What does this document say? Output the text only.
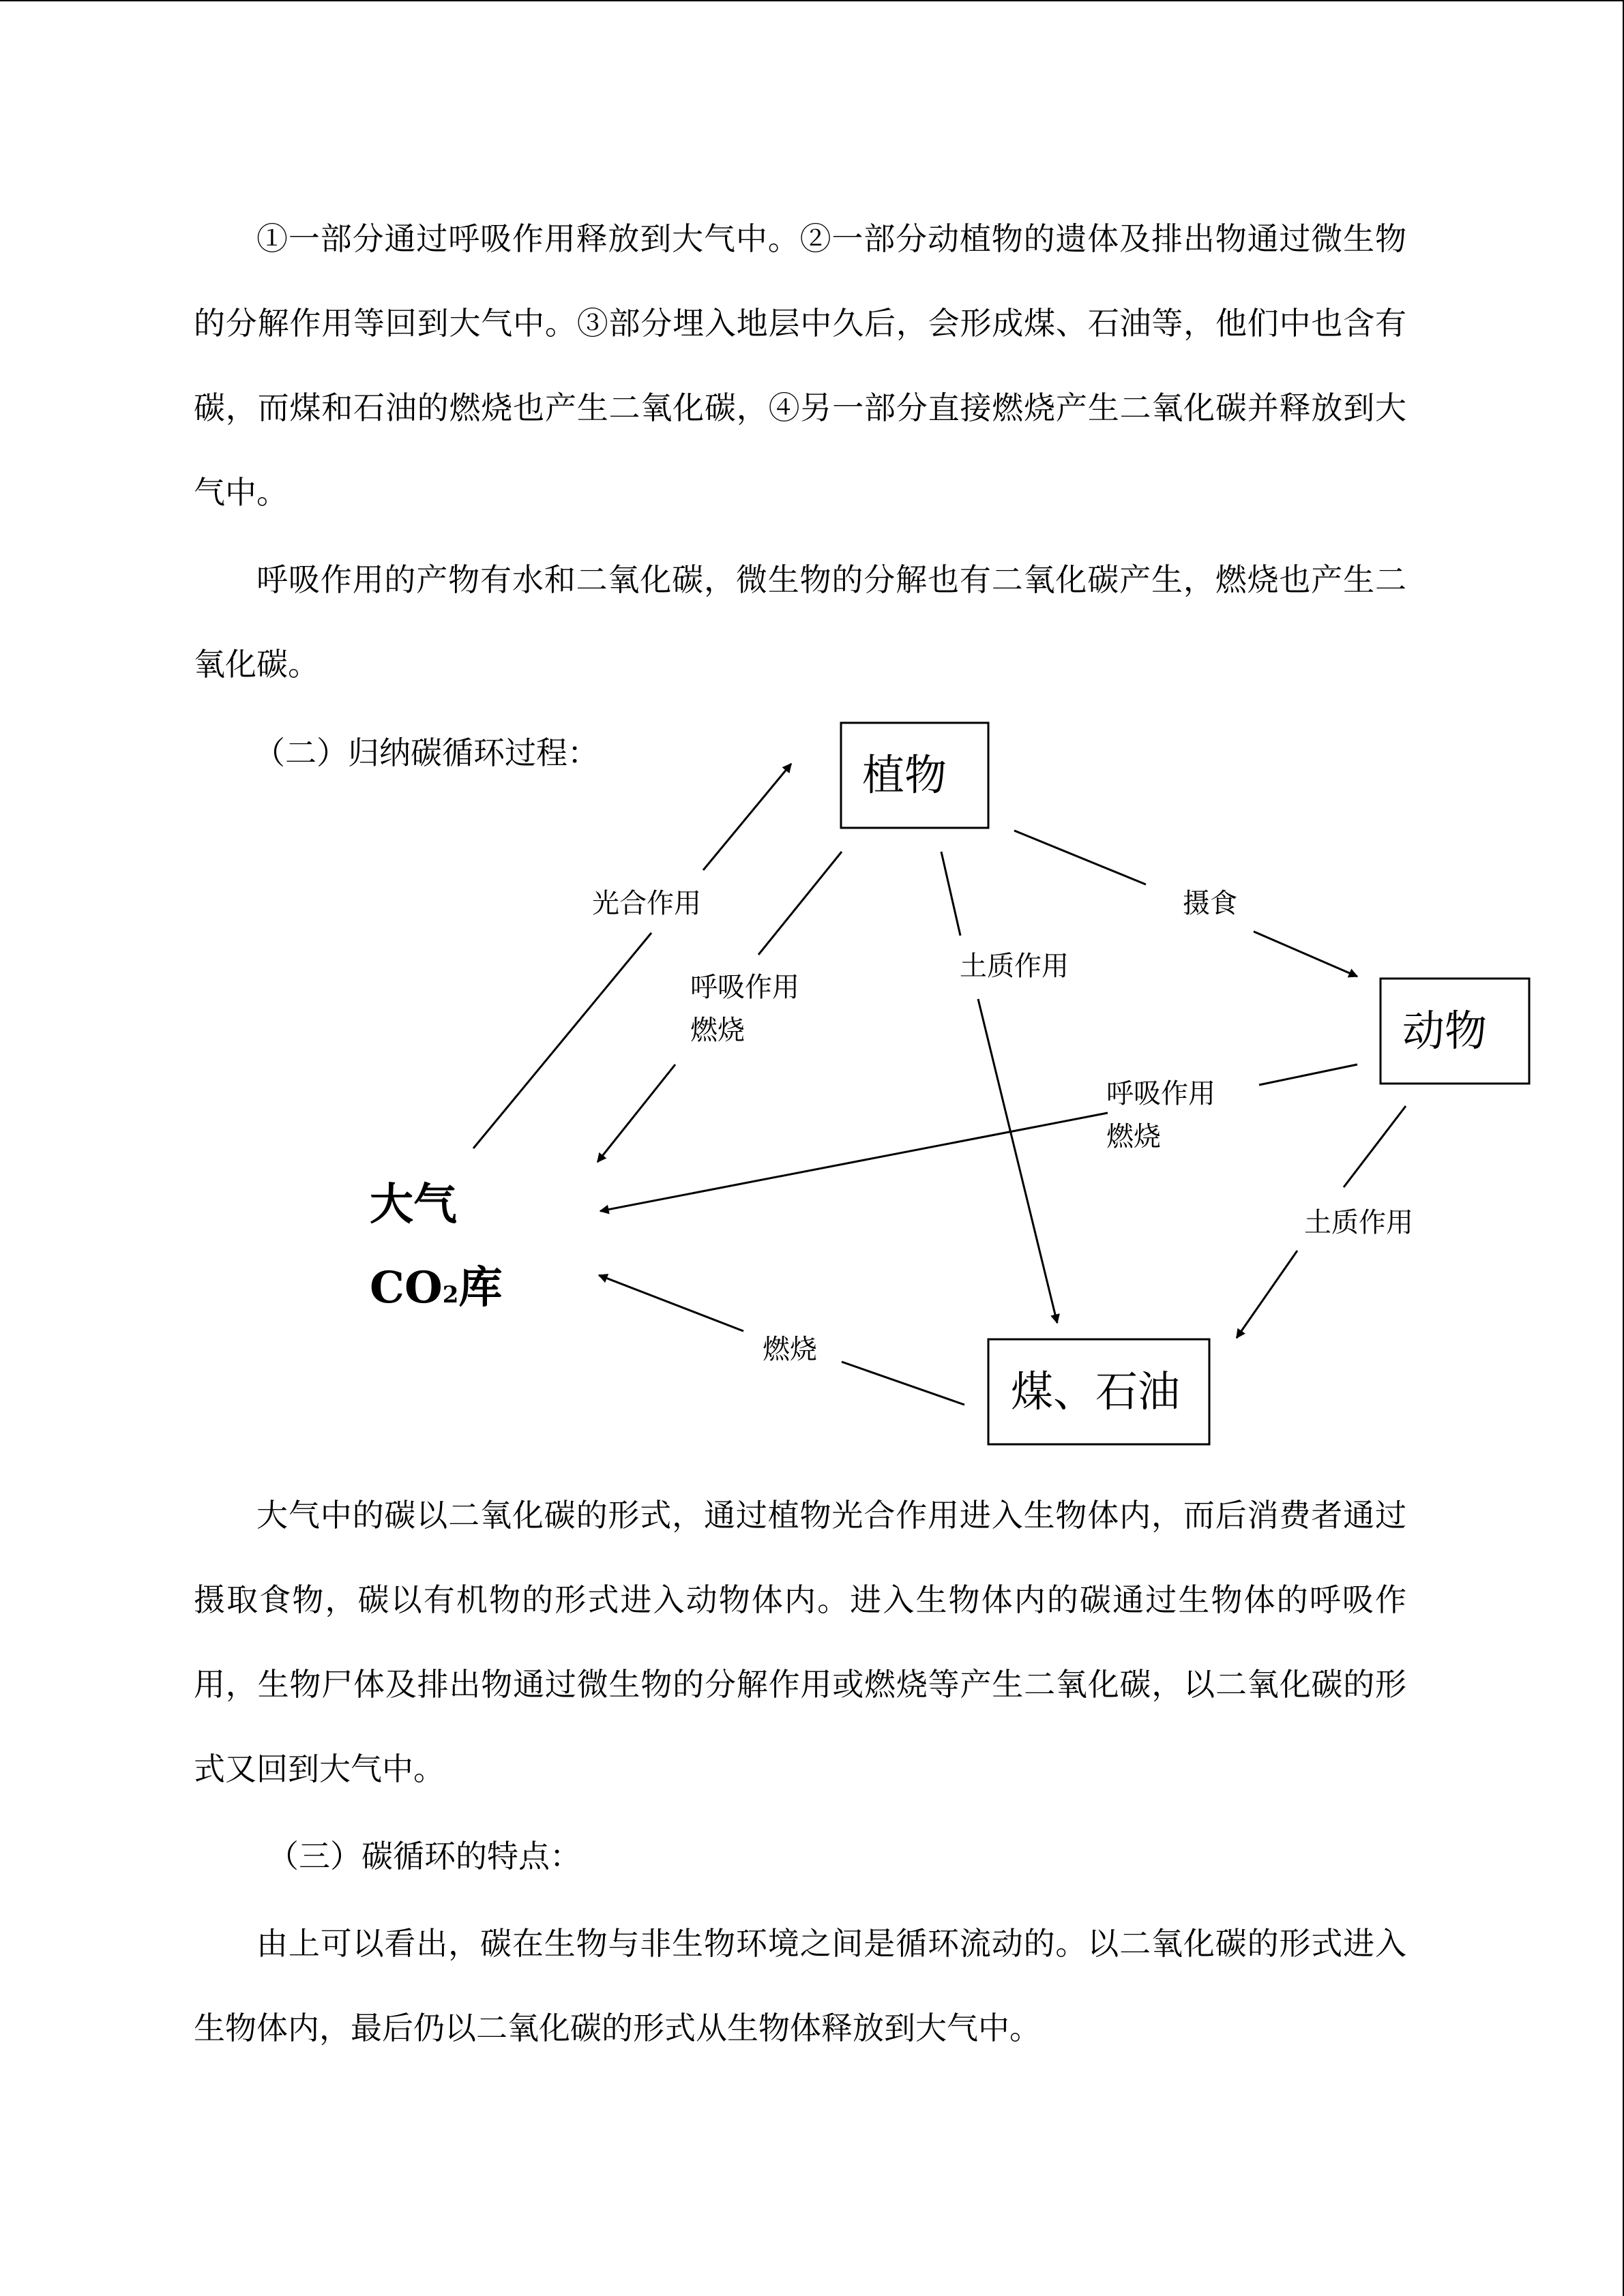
①一部分通过呼吸作用释放到大气中。②一部分动植物的遗体及排出物通过微生物的分解作用等回到大气中。③部分埋入地层中久后，会形成煤、石油等，他们中也含有碳，而煤和石油的燃烧也产生二氧化碳，④另一部分直接燃烧产生二氧化碳并释放到大气中。

呼吸作用的产物有水和二氧化碳，微生物的分解也有二氧化碳产生，燃烧也产生二氧化碳。

（二）归纳碳循环过程：	植物
动物
煤、石油
大气
CO2库
光合作用	摄食
呼吸作用
燃烧
土质作用
呼吸作用
燃烧
土质作用
燃烧

大气中的碳以二氧化碳的形式，通过植物光合作用进入生物体内，而后消费者通过摄取食物，碳以有机物的形式进入动物体内。进入生物体内的碳通过生物体的呼吸作用，生物尸体及排出物通过微生物的分解作用或燃烧等产生二氧化碳，以二氧化碳的形式又回到大气中。

（三）碳循环的特点：

由上可以看出，碳在生物与非生物环境之间是循环流动的。以二氧化碳的形式进入生物体内，最后仍以二氧化碳的形式从生物体释放到大气中。
